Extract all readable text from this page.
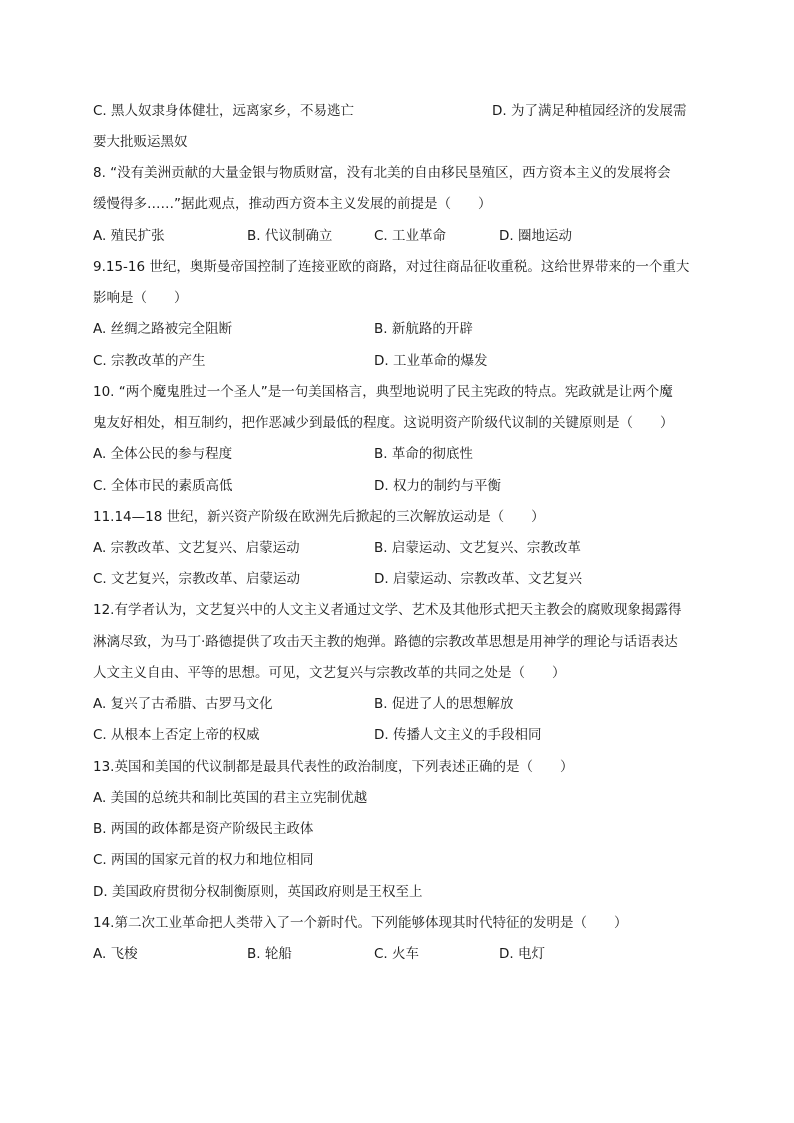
C. 黑人奴隶身体健壮，远离家乡，不易逃亡	D. 为了满足种植园经济的发展需
要大批贩运黑奴
8. “没有美洲贡献的大量金银与物质财富，没有北美的自由移民垦殖区，西方资本主义的发展将会
缓慢得多……”据此观点，推动西方资本主义发展的前提是（　　）
A. 殖民扩张	B. 代议制确立	C. 工业革命	D. 圈地运动
9.15-16 世纪，奥斯曼帝国控制了连接亚欧的商路，对过往商品征收重税。这给世界带来的一个重大
影响是（　　）
A. 丝绸之路被完全阻断	B. 新航路的开辟
C. 宗教改革的产生	D. 工业革命的爆发
10. “两个魔鬼胜过一个圣人”是一句美国格言，典型地说明了民主宪政的特点。宪政就是让两个魔
鬼友好相处，相互制约，把作恶减少到最低的程度。这说明资产阶级代议制的关键原则是（　　）
A. 全体公民的参与程度	B. 革命的彻底性
C. 全体市民的素质高低	D. 权力的制约与平衡
11.14—18 世纪，新兴资产阶级在欧洲先后掀起的三次解放运动是（　　）
A. 宗教改革、文艺复兴、启蒙运动	B. 启蒙运动、文艺复兴、宗教改革
C. 文艺复兴，宗教改革、启蒙运动	D. 启蒙运动、宗教改革、文艺复兴
12.有学者认为，文艺复兴中的人文主义者通过文学、艺术及其他形式把天主教会的腐败现象揭露得
淋漓尽致，为马丁·路德提供了攻击天主教的炮弹。路德的宗教改革思想是用神学的理论与话语表达
人文主义自由、平等的思想。可见，文艺复兴与宗教改革的共同之处是（　　）
A. 复兴了古希腊、古罗马文化	B. 促进了人的思想解放
C. 从根本上否定上帝的权威	D. 传播人文主义的手段相同
13.英国和美国的代议制都是最具代表性的政治制度，下列表述正确的是（　　）
A. 美国的总统共和制比英国的君主立宪制优越
B. 两国的政体都是资产阶级民主政体
C. 两国的国家元首的权力和地位相同
D. 美国政府贯彻分权制衡原则，英国政府则是王权至上
14.第二次工业革命把人类带入了一个新时代。下列能够体现其时代特征的发明是（　　）
A. 飞梭	B. 轮船	C. 火车	D. 电灯
